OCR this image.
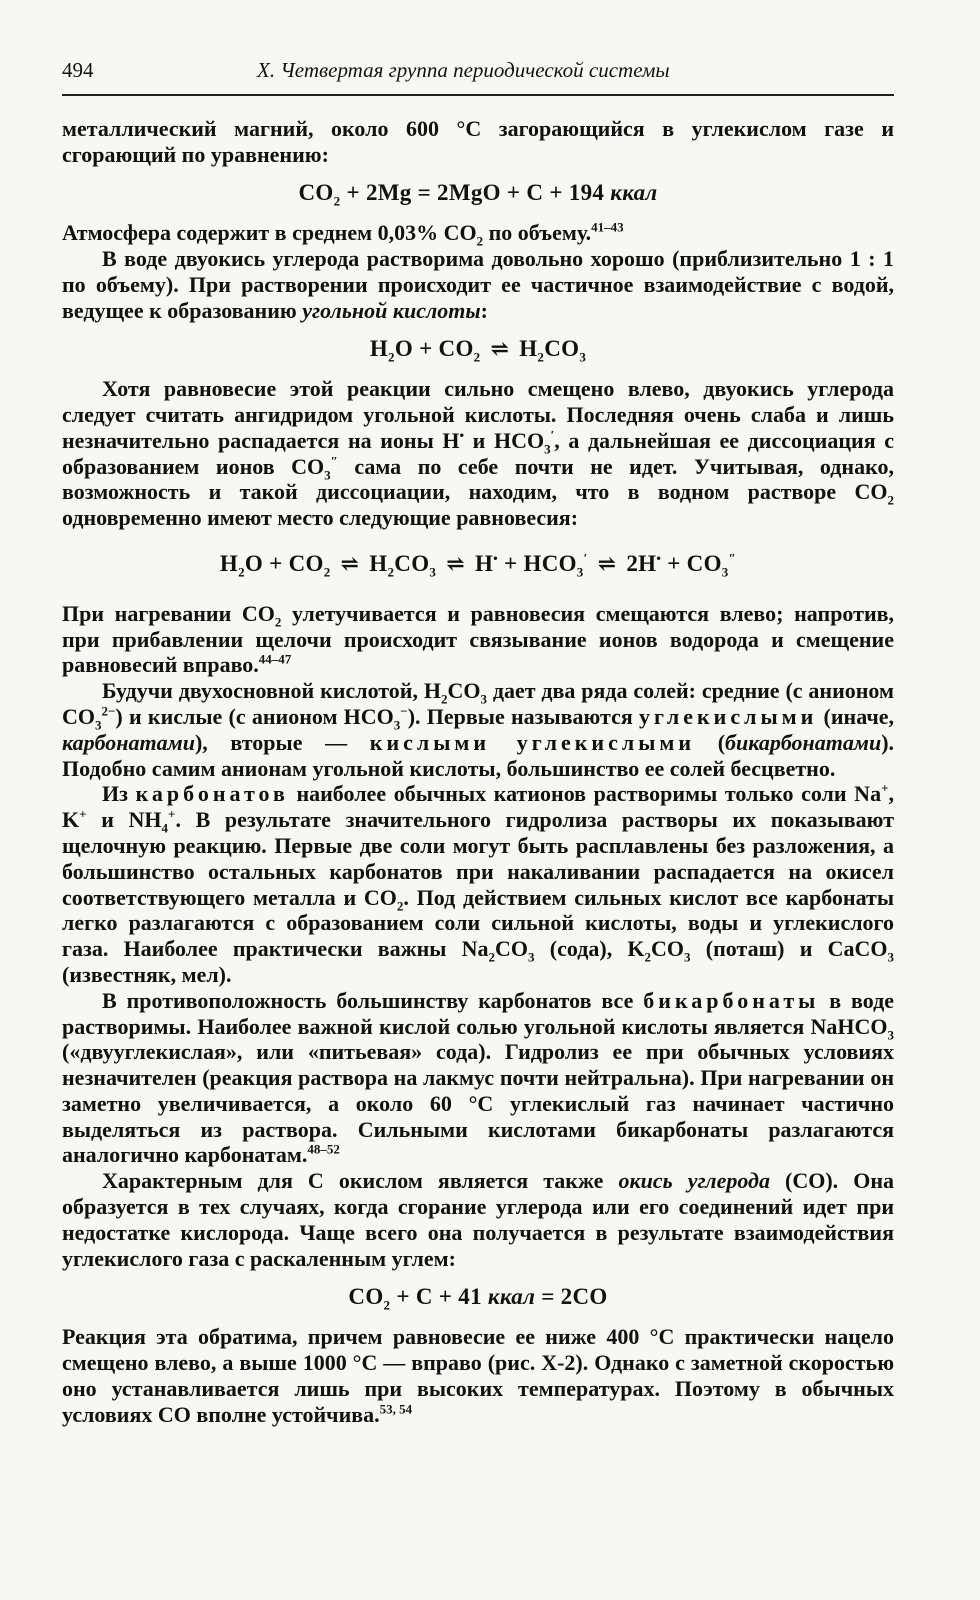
494	X. Четвертая группа периодической системы

металлический магний, около 600 °С загорающийся в углекислом газе и сгорающий по уравнению:

$CO_2 + 2Mg = 2MgO + C + 194$ ккал

Атмосфера содержит в среднем 0,03% $CO_2$ по объему.$^{41-43}$

В воде двуокись углерода растворима довольно хорошо (приблизительно 1 : 1 по объему). При растворении происходит ее частичное взаимодействие с водой, ведущее к образованию угольной кислоты:

$H_2O + CO_2$ ⇌ $H_2CO_3$

Хотя равновесие этой реакции сильно смещено влево, двуокись углерода следует считать ангидридом угольной кислоты. Последняя очень слаба и лишь незначительно распадается на ионы H• и $HCO_3'$, а дальнейшая ее диссоциация с образованием ионов $CO_3''$ сама по себе почти не идет. Учитывая, однако, возможность и такой диссоциации, находим, что в водном растворе $CO_2$ одновременно имеют место следующие равновесия:

$H_2O + CO_2$ ⇌ $H_2CO_3$ ⇌ $H^• + HCO_3'$ ⇌ $2H^• + CO_3''$

При нагревании $CO_2$ улетучивается и равновесия смещаются влево; напротив, при прибавлении щелочи происходит связывание ионов водорода и смещение равновесий вправо.$^{44-47}$

Будучи двухосновной кислотой, $H_2CO_3$ дает два ряда солей: средние (с анионом $CO_3^{2-}$) и кислые (с анионом $HCO_3^-$). Первые называются углекислыми (иначе, карбонатами), вторые — кислыми углекислыми (бикарбонатами). Подобно самим анионам угольной кислоты, большинство ее солей бесцветно.

Из карбонатов наиболее обычных катионов растворимы только соли Na+, K+ и $NH_4^+$. В результате значительного гидролиза растворы их показывают щелочную реакцию. Первые две соли могут быть расплавлены без разложения, а большинство остальных карбонатов при накаливании распадается на окисел соответствующего металла и $CO_2$. Под действием сильных кислот все карбонаты легко разлагаются с образованием соли сильной кислоты, воды и углекислого газа. Наиболее практически важны $Na_2CO_3$ (сода), $K_2CO_3$ (поташ) и CaCO$_3$ (известняк, мел).

В противоположность большинству карбонатов все бикарбонаты в воде растворимы. Наиболее важной кислой солью угольной кислоты является NaHCO$_3$ («двууглекислая», или «питьевая» сода). Гидролиз ее при обычных условиях незначителен (реакция раствора на лакмус почти нейтральна). При нагревании он заметно увеличивается, а около 60 °С углекислый газ начинает частично выделяться из раствора. Сильными кислотами бикарбонаты разлагаются аналогично карбонатам.$^{48-52}$

Характерным для C окислом является также окись углерода (CO). Она образуется в тех случаях, когда сгорание углерода или его соединений идет при недостатке кислорода. Чаще всего она получается в результате взаимодействия углекислого газа с раскаленным углем:

$CO_2 + C + 41$ ккал = 2CO

Реакция эта обратима, причем равновесие ее ниже 400 °С практически нацело смещено влево, а выше 1000 °С — вправо (рис. X-2). Однако с заметной скоростью оно устанавливается лишь при высоких температурах. Поэтому в обычных условиях CO вполне устойчива.$^{53, 54}$
